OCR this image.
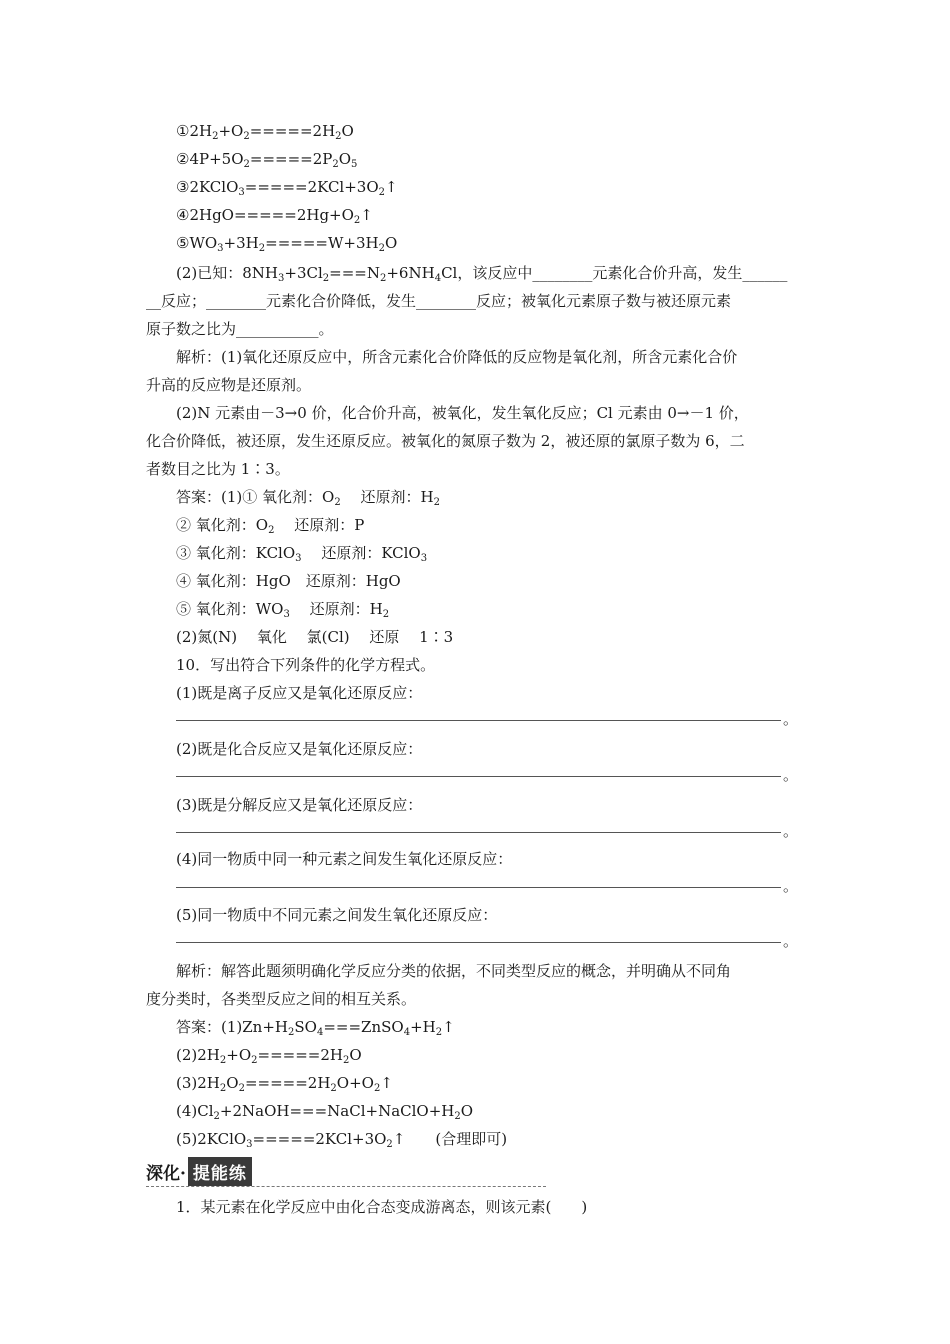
$①2H_2+O_2=====2H_2O$
$②4P+5O_2=====2P_2O_5$
$③2KClO_3=====2KCl+3O_2↑$
$④2HgO=====2Hg+O_2↑$
$⑤WO_3+3H_2=====W+3H_2O$
(2)已知：$8NH_3+3Cl_2===N_2+6NH_4Cl$，该反应中________元素化合价升高，发生______
__反应；________元素化合价降低，发生________反应；被氧化元素原子数与被还原元素
原子数之比为___________。
解析：(1)氧化还原反应中，所含元素化合价降低的反应物是氧化剂，所含元素化合价
升高的反应物是还原剂。
(2)N 元素由－3→0 价，化合价升高，被氧化，发生氧化反应；Cl 元素由 0→－1 价，
化合价降低，被还原，发生还原反应。被氧化的氮原子数为 2，被还原的氯原子数为 6，二
者数目之比为 1∶3。
答案：(1)① 氧化剂：$O_2$　 还原剂：$H_2$
② 氧化剂：$O_2$　 还原剂：P
③ 氧化剂：KClO$_3$　 还原剂：KClO$_3$
④ 氧化剂：HgO　还原剂：HgO
⑤ 氧化剂：$WO_3$　 还原剂：$H_2$
(2)氮(N)　 氧化　 氯(Cl)　 还原　 1∶3
10．写出符合下列条件的化学方程式。
(1)既是离子反应又是氧化还原反应：
。
(2)既是化合反应又是氧化还原反应：
。
(3)既是分解反应又是氧化还原反应：
。
(4)同一物质中同一种元素之间发生氧化还原反应：
。
(5)同一物质中不同元素之间发生氧化还原反应：
。
解析：解答此题须明确化学反应分类的依据，不同类型反应的概念，并明确从不同角
度分类时，各类型反应之间的相互关系。
答案：$(1)Zn+H_2SO_4===ZnSO_4+H_2↑$
$(2)2H_2+O_2=====2H_2O$
$(3)2H_2O_2=====2H_2O+O_2↑$
$(4)Cl_2+2NaOH===NaCl+NaClO+H_2O$
$(5)2KClO_3=====2KCl+3O_2↑$　　(合理即可)
深化· 提能练
1．某元素在化学反应中由化合态变成游离态，则该元素(　　)
